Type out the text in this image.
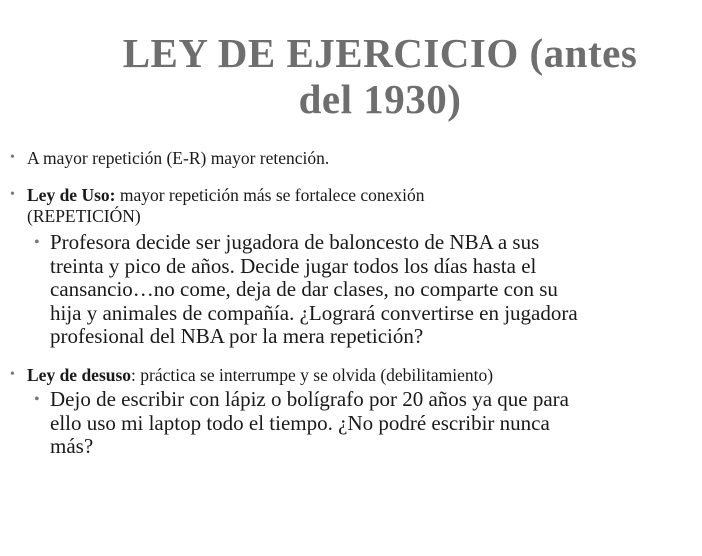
LEY DE EJERCICIO (antes
del 1930)
• A mayor repetición (E-R) mayor retención.
• Ley de Uso: mayor repetición más se fortalece conexión
(REPETICIÓN)
• Profesora decide ser jugadora de baloncesto de NBA a sus
treinta y pico de años. Decide jugar todos los días hasta el
cansancio…no come, deja de dar clases, no comparte con su
hija y animales de compañía. ¿Logrará convertirse en jugadora
profesional del NBA por la mera repetición?
• Ley de desuso: práctica se interrumpe y se olvida (debilitamiento)
• Dejo de escribir con lápiz o bolígrafo por 20 años ya que para
ello uso mi laptop todo el tiempo. ¿No podré escribir nunca
más?
